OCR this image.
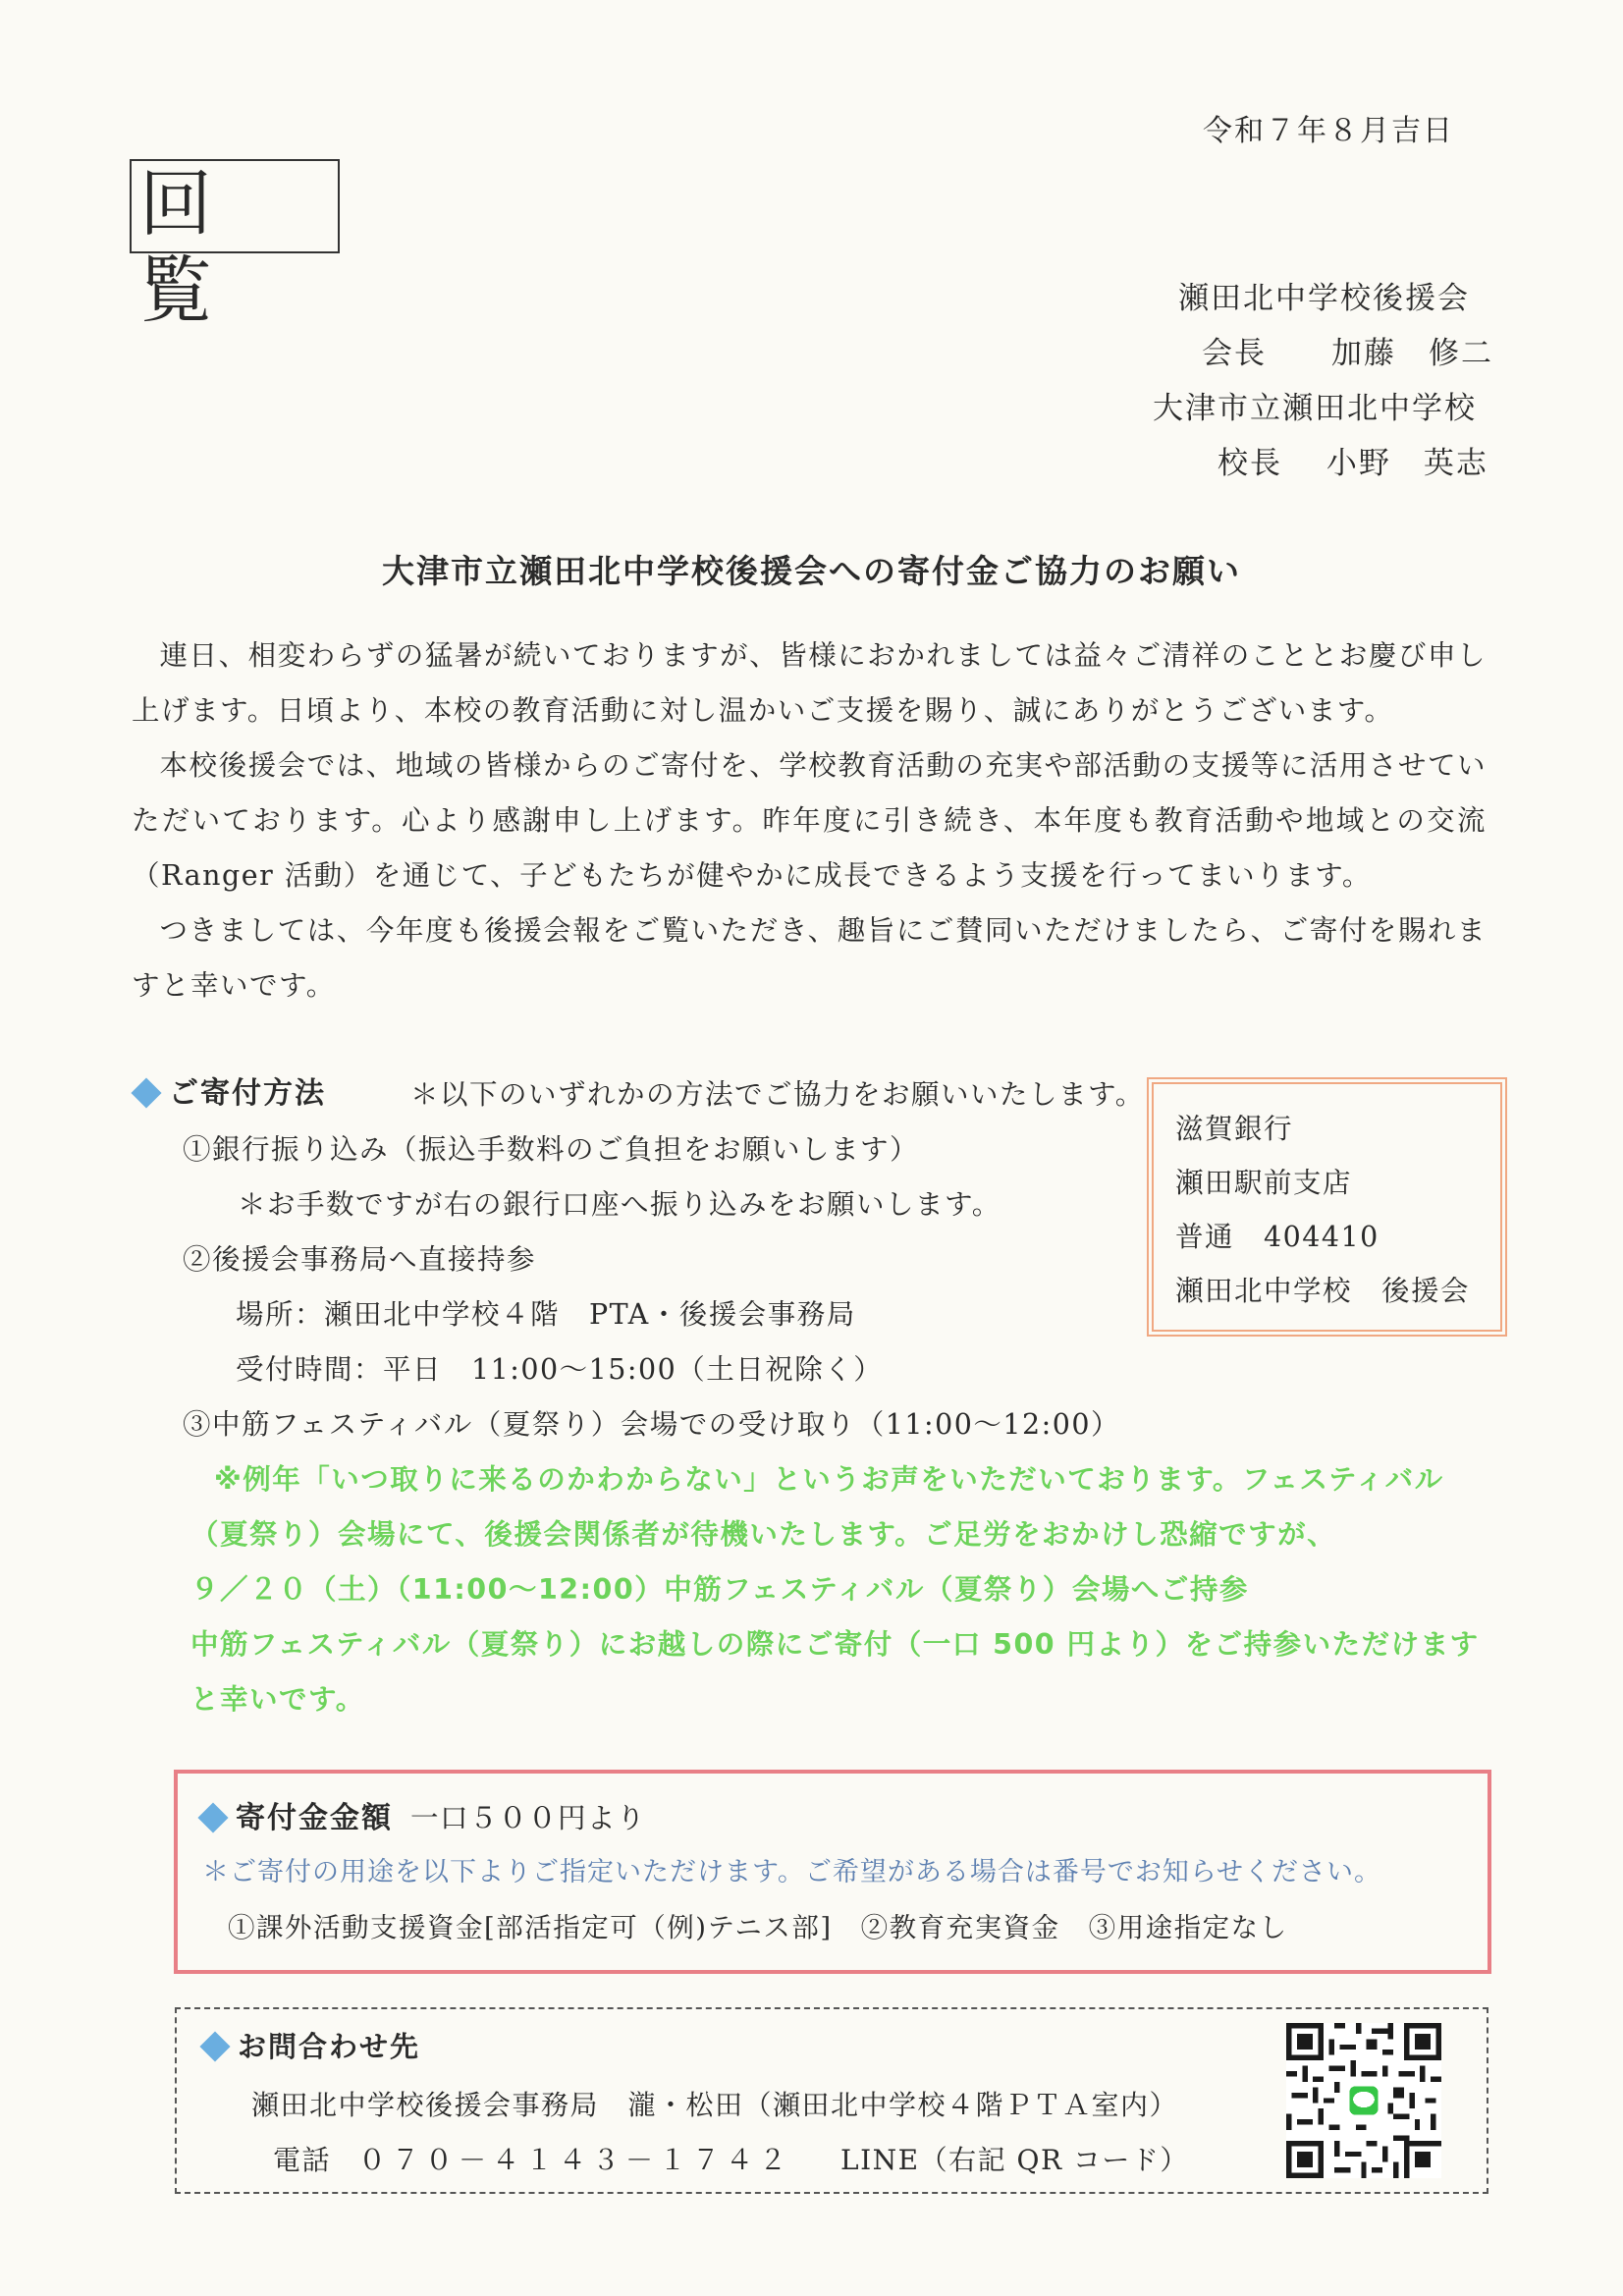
令和７年８月吉日
回覧	瀬田北中学校後援会
会長　　加藤　修二
大津市立瀬田北中学校
校長　 小野　英志
大津市立瀬田北中学校後援会への寄付金ご協力のお願い

連日、相変わらずの猛暑が続いておりますが、皆様におかれましては益々ご清祥のこととお慶び申し上げます。日頃より、本校の教育活動に対し温かいご支援を賜り、誠にありがとうございます。

本校後援会では、地域の皆様からのご寄付を、学校教育活動の充実や部活動の支援等に活用させていただいております。心より感謝申し上げます。昨年度に引き続き、本年度も教育活動や地域との交流（Ranger 活動）を通じて、子どもたちが健やかに成長できるよう支援を行ってまいります。

つきましては、今年度も後援会報をご覧いただき、趣旨にご賛同いただけましたら、ご寄付を賜れますと幸いです。

ご寄付方法	＊以下のいずれかの方法でご協力をお願いいたします。
①銀行振り込み（振込手数料のご負担をお願いします）
＊お手数ですが右の銀行口座へ振り込みをお願いします。
②後援会事務局へ直接持参
場所：瀬田北中学校４階　PTA・後援会事務局
受付時間：平日　11:00～15:00（土日祝除く）
③中筋フェスティバル（夏祭り）会場での受け取り（11:00～12:00）
滋賀銀行
瀬田駅前支店
普通　404410
瀬田北中学校　後援会
※例年「いつ取りに来るのかわからない」というお声をいただいております。フェスティバル
（夏祭り）会場にて、後援会関係者が待機いたします。ご足労をおかけし恐縮ですが、
９／２０（土）（11:00～12:00）中筋フェスティバル（夏祭り）会場へご持参
中筋フェスティバル（夏祭り）にお越しの際にご寄付（一口 500 円より）をご持参いただけます
と幸いです。
寄付金金額 一口５００円より
＊ご寄付の用途を以下よりご指定いただけます。ご希望がある場合は番号でお知らせください。
①課外活動支援資金[部活指定可（例)テニス部]　②教育充実資金　③用途指定なし
お問合わせ先
瀬田北中学校後援会事務局　瀧・松田（瀬田北中学校４階ＰＴＡ室内）
電話 ０７０－４１４３－１７４２ LINE（右記 QR コード）
